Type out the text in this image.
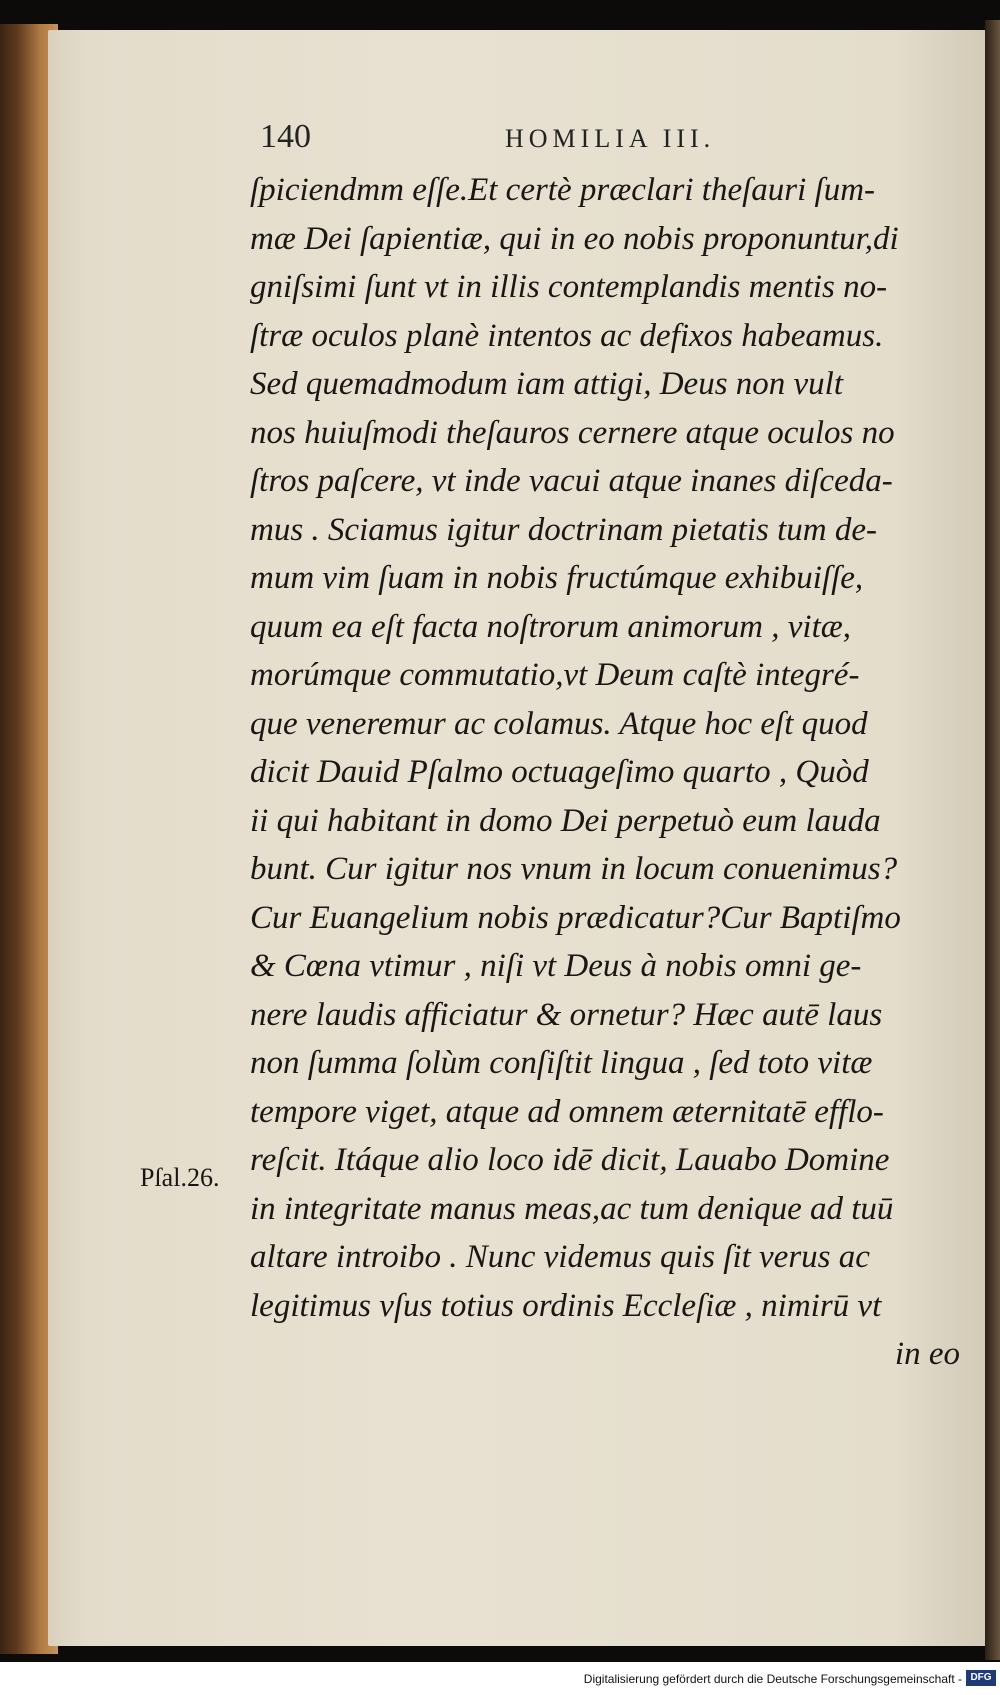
140	HOMILIA III.
Pſal.26.
ſpiciendmm eſſe.Et certè præclari theſauri ſum-
mæ Dei ſapientiæ, qui in eo nobis proponuntur,di
gniſsimi ſunt vt in illis contemplandis mentis no-
ſtræ oculos planè intentos ac defixos habeamus.
Sed quemadmodum iam attigi, Deus non vult
nos huiuſmodi theſauros cernere atque oculos no
ſtros paſcere, vt inde vacui atque inanes diſceda-
mus . Sciamus igitur doctrinam pietatis tum de-
mum vim ſuam in nobis fructúmque exhibuiſſe,
quum ea eſt facta noſtrorum animorum , vitæ,
morúmque commutatio,vt Deum caſtè integré-
que veneremur ac colamus. Atque hoc eſt quod
dicit Dauid Pſalmo octuageſimo quarto , Quòd
ii qui habitant in domo Dei perpetuò eum lauda
bunt. Cur igitur nos vnum in locum conuenimus?
Cur Euangelium nobis prædicatur?Cur Baptiſmo
& Cœna vtimur , niſi vt Deus à nobis omni ge-
nere laudis afficiatur & ornetur? Hæc autē laus
non ſumma ſolùm conſiſtit lingua , ſed toto vitæ
tempore viget, atque ad omnem æternitatē efflo-
reſcit. Itáque alio loco idē dicit, Lauabo Domine
in integritate manus meas,ac tum denique ad tuū
altare introibo . Nunc videmus quis ſit verus ac
legitimus vſus totius ordinis Eccleſiæ , nimirū vt
in eo
Digitalisierung gefördert durch die Deutsche Forschungsgemeinschaft - DFG
